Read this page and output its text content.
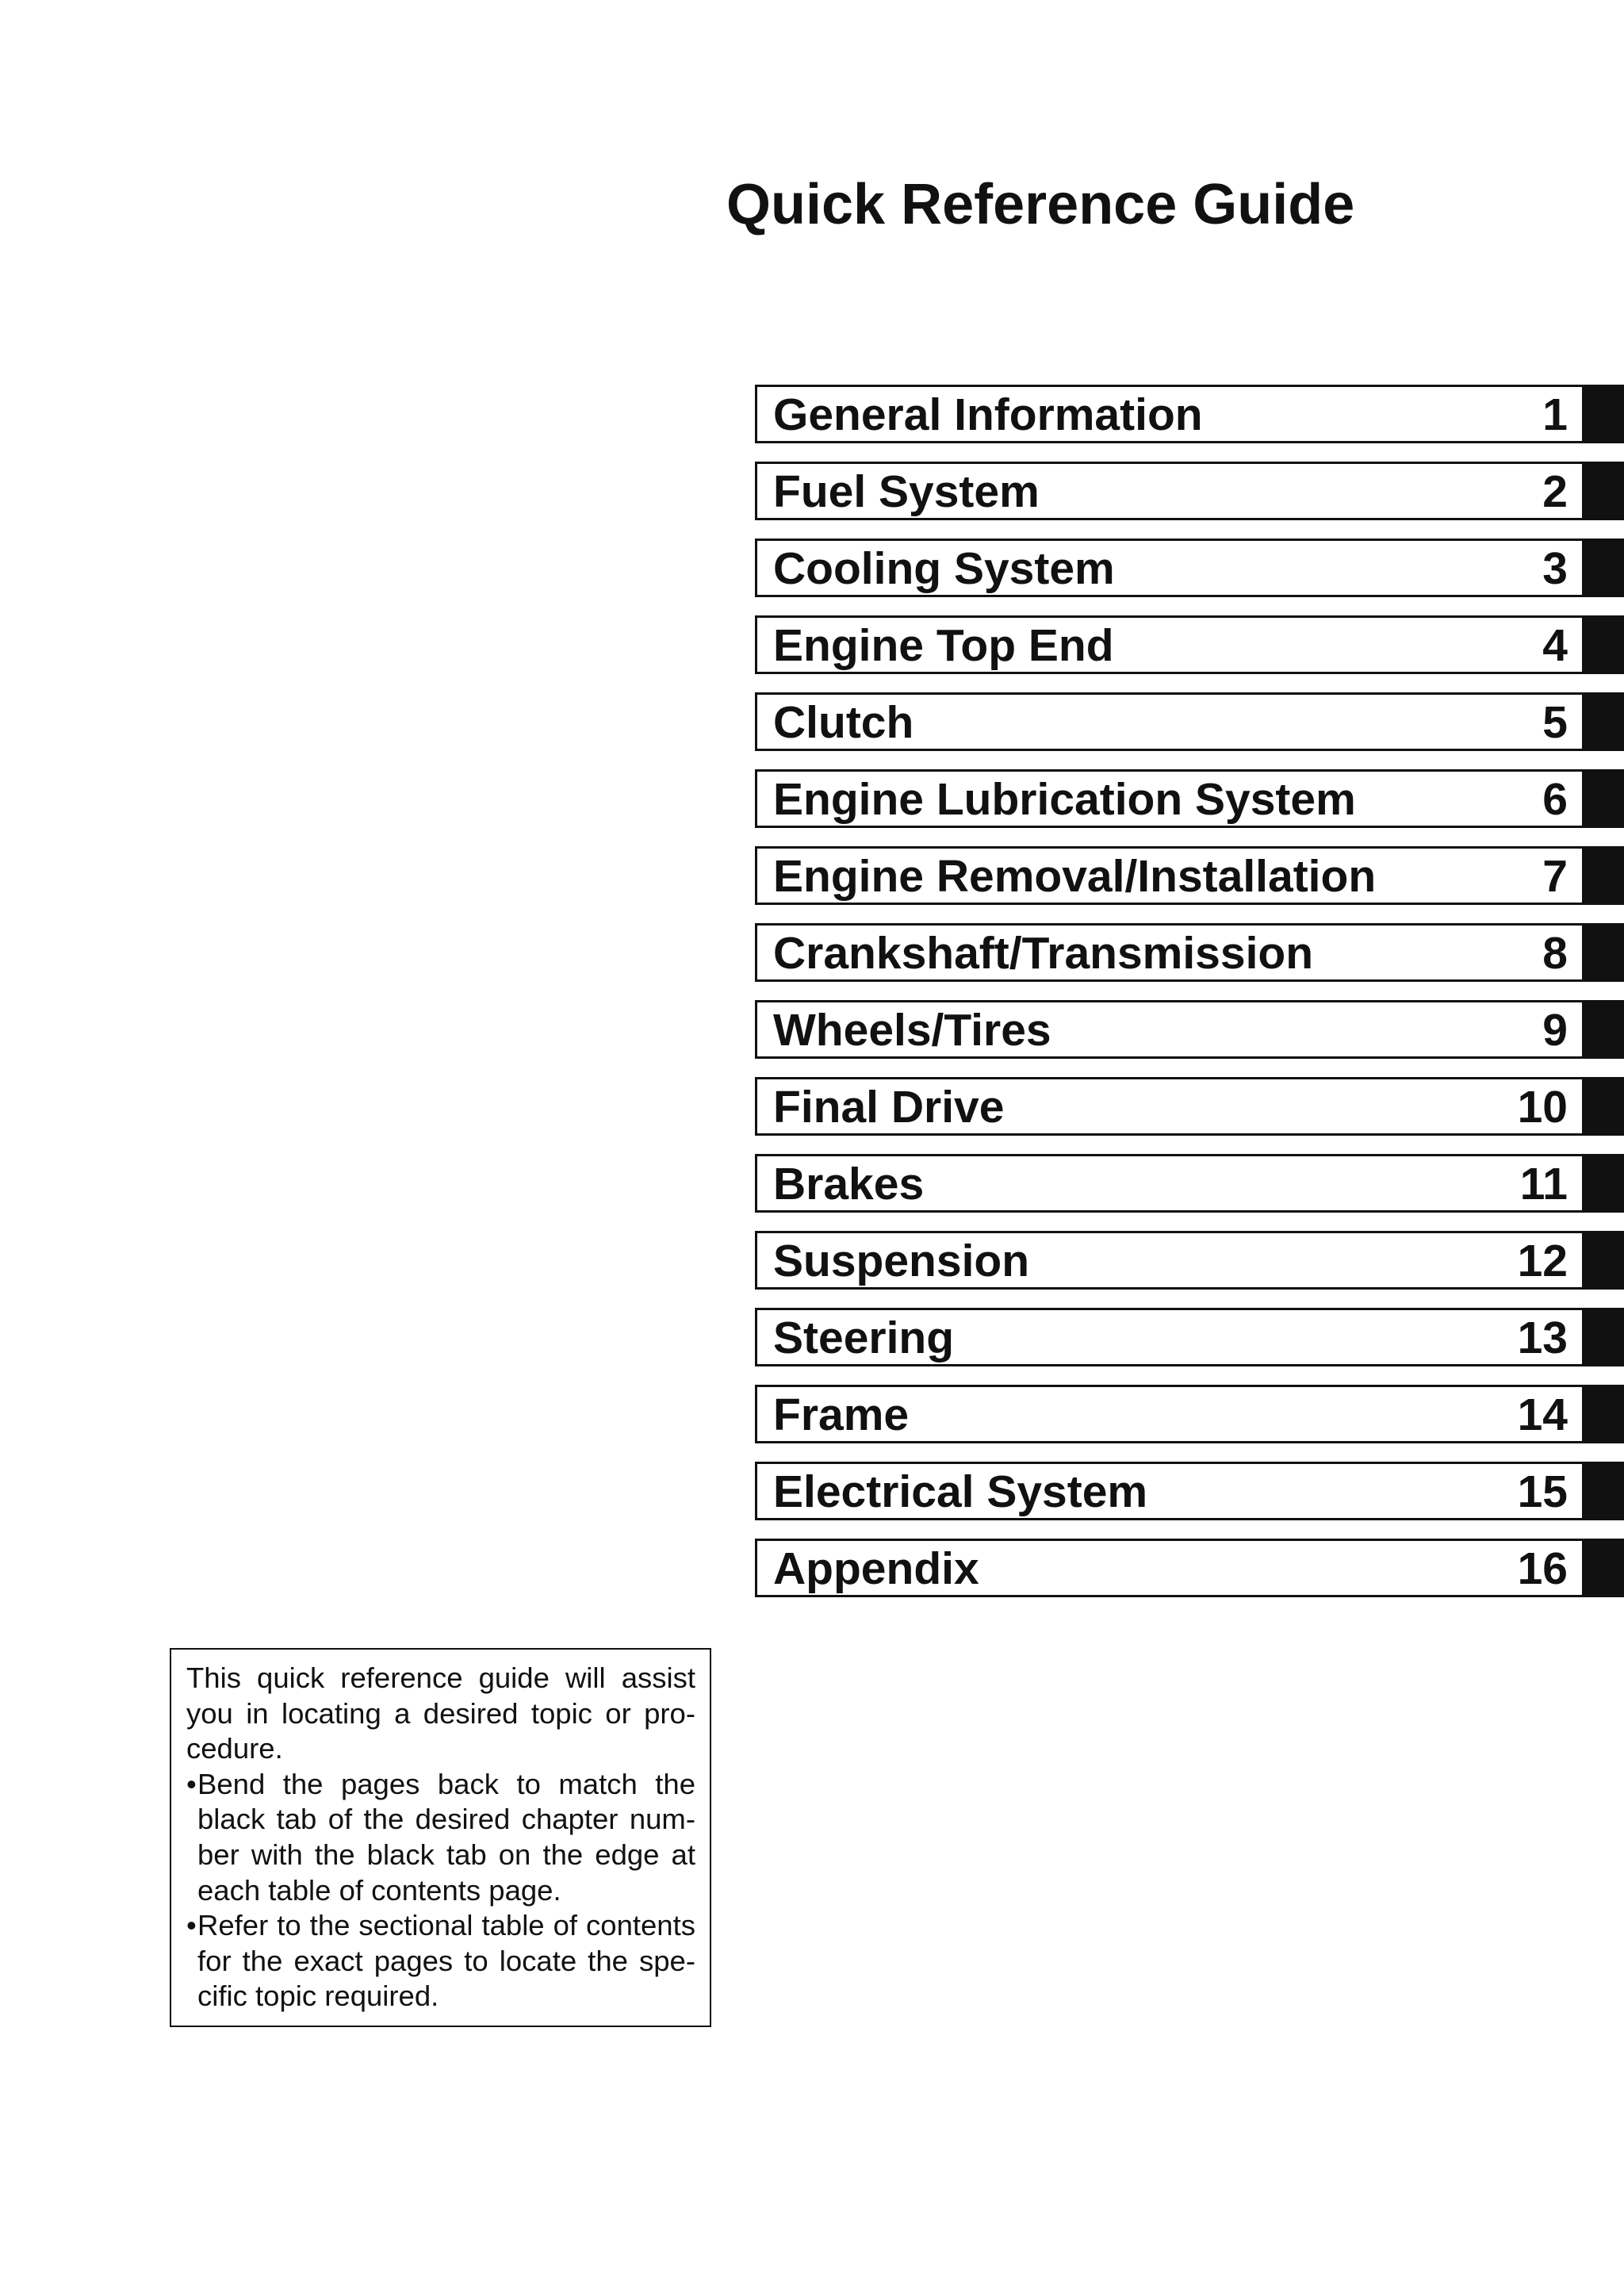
Quick Reference Guide
General Information	1
Fuel System	2
Cooling System	3
Engine Top End	4
Clutch	5
Engine Lubrication System	6
Engine Removal/Installation	7
Crankshaft/Transmission	8
Wheels/Tires	9
Final Drive	10
Brakes	11
Suspension	12
Steering	13
Frame	14
Electrical System	15
Appendix	16

This quick reference guide will assist you in locating a desired topic or procedure.

•Bend the pages back to match the black tab of the desired chapter number with the black tab on the edge at each table of contents page.

•Refer to the sectional table of contents for the exact pages to locate the specific topic required.
